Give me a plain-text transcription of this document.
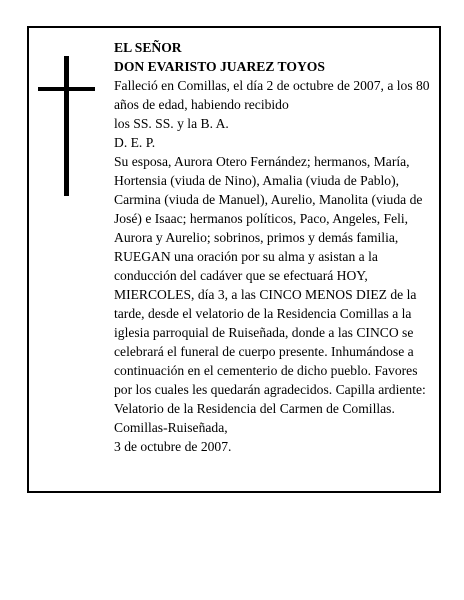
EL SEÑOR

DON EVARISTO JUAREZ TOYOS

Falleció en Comillas, el día 2 de octubre de 2007, a los 80 años de edad, habiendo recibido

los SS. SS. y la B. A.

D. E. P.

Su esposa, Aurora Otero Fernández; hermanos, María, Hortensia (viuda de Nino), Amalia (viuda de Pablo), Carmina (viuda de Manuel), Aurelio, Manolita (viuda de José) e Isaac; hermanos políticos, Paco, Angeles, Feli, Aurora y Aurelio; sobrinos, primos y demás familia,

RUEGAN una oración por su alma y asistan a la conducción del cadáver que se efectuará HOY, MIERCOLES, día 3, a las CINCO MENOS DIEZ de la tarde, desde el velatorio de la Residencia Comillas a la iglesia parroquial de Ruiseñada, donde a las CINCO se celebrará el funeral de cuerpo presente. Inhumándose a continuación en el cementerio de dicho pueblo. Favores por los cuales les quedarán agradecidos. Capilla ardiente: Velatorio de la Residencia del Carmen de Comillas.

Comillas-Ruiseñada,

3 de octubre de 2007.
